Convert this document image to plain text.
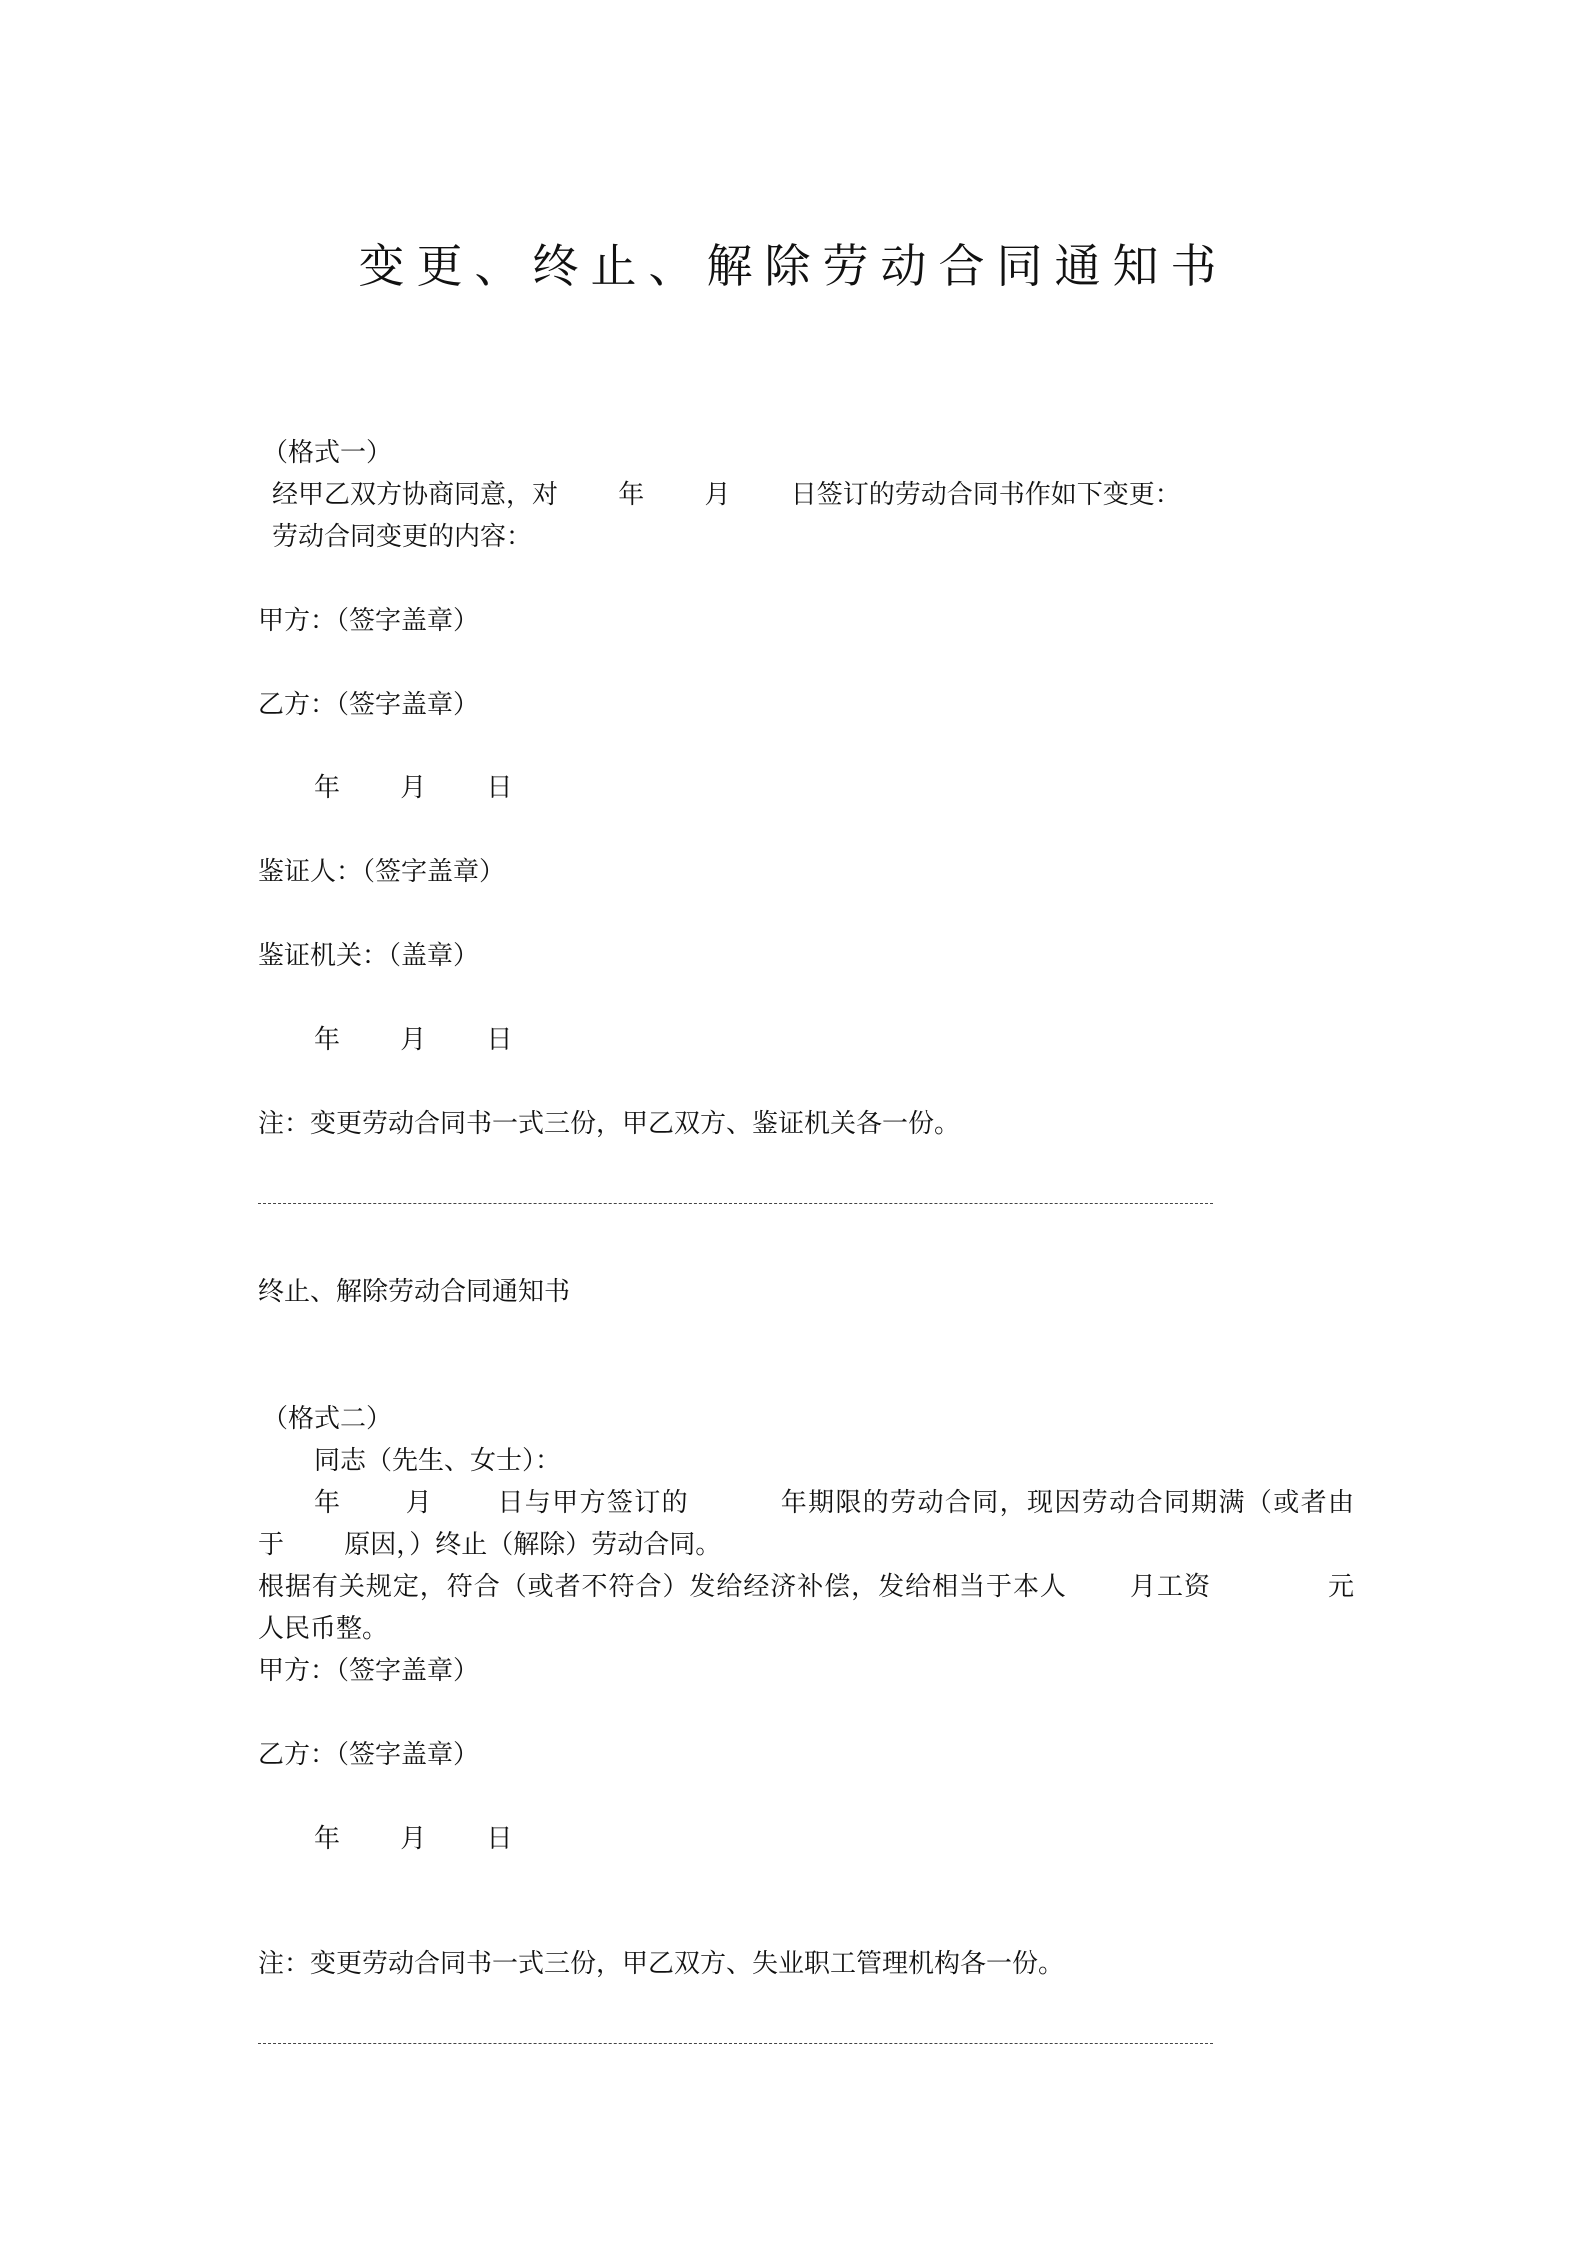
变更、终止、解除劳动合同通知书
（格式一）
经甲乙双方协商同意，对　　 年　　 月　　 日签订的劳动合同书作如下变更：
劳动合同变更的内容：
甲方：（签字盖章）
乙方：（签字盖章）
年　　 月　　 日
鉴证人：（签字盖章）
鉴证机关：（盖章）
年　　 月　　 日
注：变更劳动合同书一式三份，甲乙双方、鉴证机关各一份。
终止、解除劳动合同通知书
（格式二）
同志（先生、女士）：
年　　 月　　 日与甲方签订的　　　 年期限的劳动合同，现因劳动合同期满（或者由
于　　 原因，）终止（解除）劳动合同。
根据有关规定，符合（或者不符合）发给经济补偿，发给相当于本人　　 月工资　　　　 元
人民币整。
甲方：（签字盖章）
乙方：（签字盖章）
年　　 月　　 日
注：变更劳动合同书一式三份，甲乙双方、失业职工管理机构各一份。
